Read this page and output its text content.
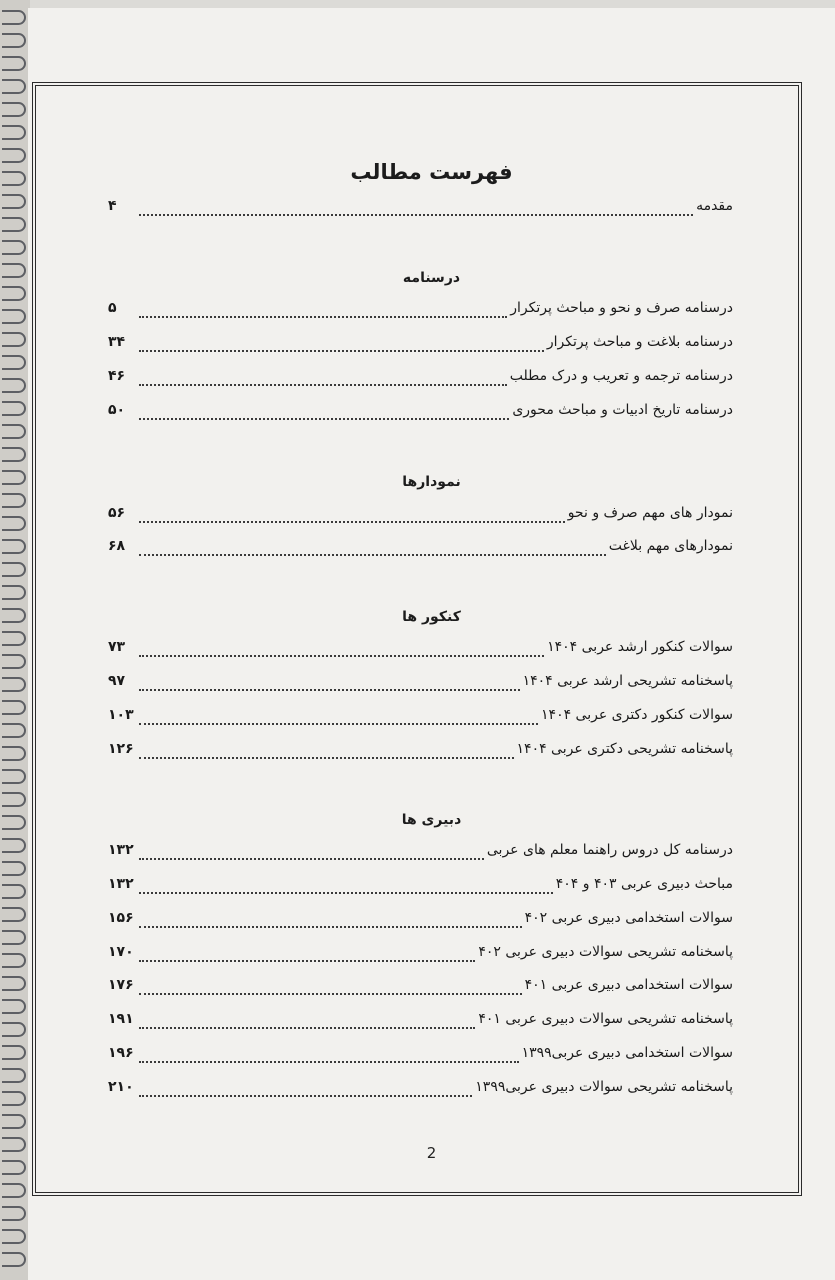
فهرست مطالب
مقدمه
۴
درسنامه
درسنامه صرف و نحو و مباحث پرتکرار
۵
درسنامه بلاغت و مباحث پرتکرار
۳۴
درسنامه ترجمه و تعریب و درک مطلب
۴۶
درسنامه تاریخ ادبیات و مباحث محوری
۵۰
نمودارها
نمودار های مهم صرف و نحو
۵۶
نمودارهای مهم بلاغت
۶۸
کنکور ها
سوالات کنکور ارشد عربی ۱۴۰۴
۷۳
پاسخنامه تشریحی ارشد عربی ۱۴۰۴
۹۷
سوالات کنکور دکتری عربی ۱۴۰۴
۱۰۳
پاسخنامه تشریحی دکتری عربی ۱۴۰۴
۱۲۶
دبیری ها
درسنامه کل دروس راهنما معلم های عربی
۱۳۲
مباحث دبیری عربی ۴۰۳ و ۴۰۴
۱۳۲
سوالات استخدامی دبیری عربی ۴۰۲
۱۵۶
پاسخنامه تشریحی سوالات دبیری عربی ۴۰۲
۱۷۰
سوالات استخدامی دبیری عربی ۴۰۱
۱۷۶
پاسخنامه تشریحی سوالات دبیری عربی ۴۰۱
۱۹۱
سوالات استخدامی دبیری عربی۱۳۹۹
۱۹۶
پاسخنامه تشریحی سوالات دبیری عربی۱۳۹۹
۲۱۰
2
